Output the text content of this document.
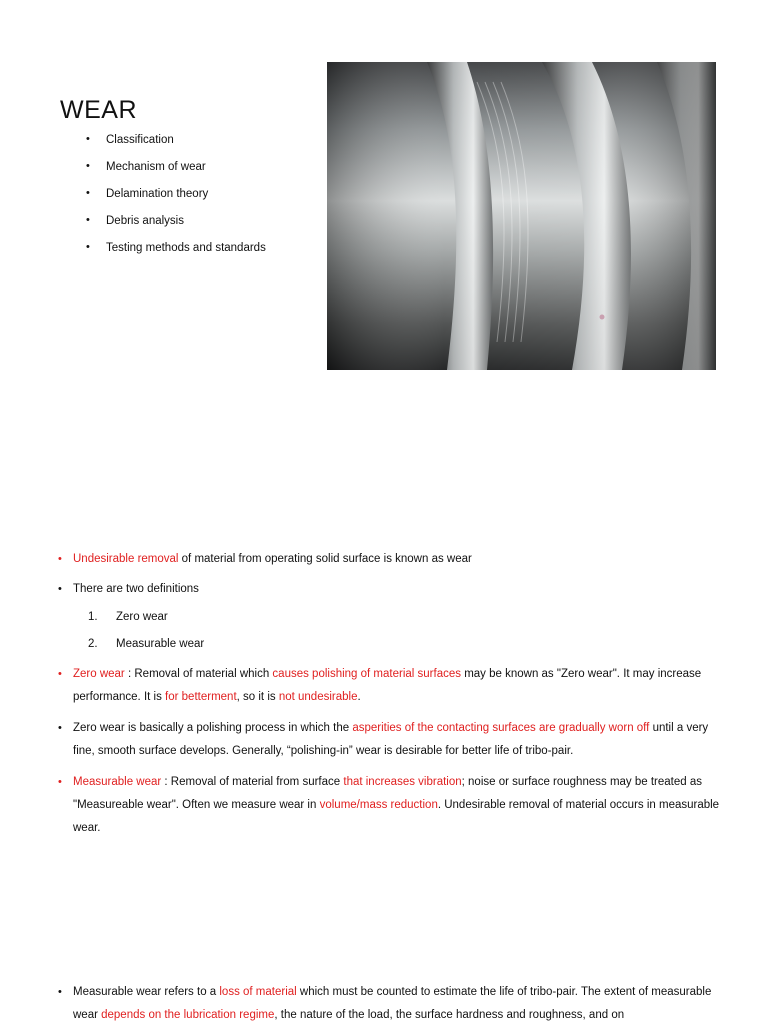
WEAR
• Classification
• Mechanism of wear
• Delamination theory
• Debris analysis
• Testing methods and standards
• Undesirable removal of material from operating solid surface is known as wear
• There are two definitions
1. Zero wear
2. Measurable wear
• Zero wear : Removal of material which causes polishing of material surfaces may be known as "Zero wear". It may increase performance. It is for betterment, so it is not undesirable.
• Zero wear is basically a polishing process in which the asperities of the contacting surfaces are gradually worn off until a very fine, smooth surface develops. Generally, “polishing-in” wear is desirable for better life of tribo-pair.
• Measurable wear : Removal of material from surface that increases vibration; noise or surface roughness may be treated as "Measureable wear". Often we measure wear in volume/mass reduction. Undesirable removal of material occurs in measurable wear.
• Measurable wear refers to a loss of material which must be counted to estimate the life of tribo-pair. The extent of measurable wear depends on the lubrication regime, the nature of the load, the surface hardness and roughness, and on
